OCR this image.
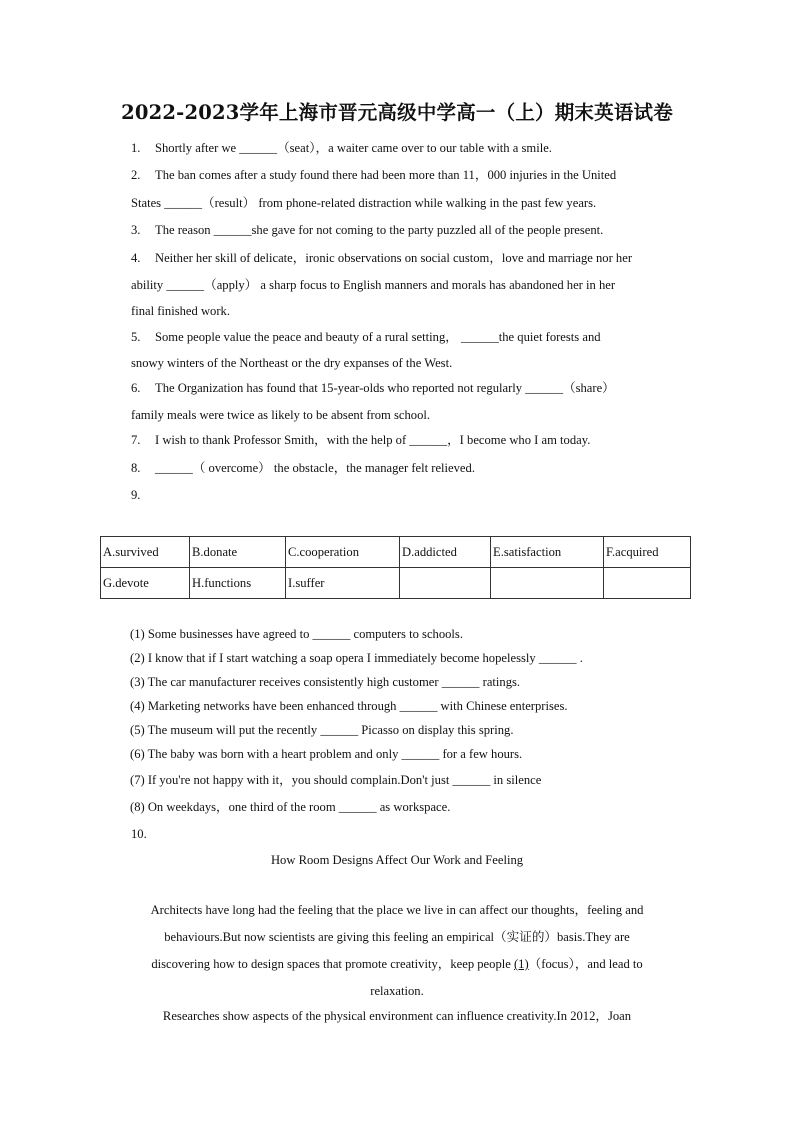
2022-2023学年上海市晋元高级中学高一（上）期末英语试卷
1. Shortly after we ______（seat），a waiter came over to our table with a smile.
2. The ban comes after a study found there had been more than 11，000 injuries in the United
States ______（result） from phone-related distraction while walking in the past few years.
3. The reason ______she gave for not coming to the party puzzled all of the people present.
4. Neither her skill of delicate，ironic observations on social custom，love and marriage nor her
ability ______（apply） a sharp focus to English manners and morals has abandoned her in her
final finished work.
5. Some people value the peace and beauty of a rural setting， ______the quiet forests and
snowy winters of the Northeast or the dry expanses of the West.
6. The Organization has found that 15-year-olds who reported not regularly ______（share）
family meals were twice as likely to be absent from school.
7. I wish to thank Professor Smith，with the help of ______，I become who I am today.
8. ______（ overcome） the obstacle，the manager felt relieved.
9.
A.survived	B.donate	C.cooperation	D.addicted	E.satisfaction	F.acquired
G.devote	H.functions	I.suffer			
(1) Some businesses have agreed to ______ computers to schools.
(2) I know that if I start watching a soap opera I immediately become hopelessly ______ .
(3) The car manufacturer receives consistently high customer ______ ratings.
(4) Marketing networks have been enhanced through ______ with Chinese enterprises.
(5) The museum will put the recently ______ Picasso on display this spring.
(6) The baby was born with a heart problem and only ______ for a few hours.
(7) If you're not happy with it，you should complain.Don't just ______ in silence
(8) On weekdays，one third of the room ______ as workspace.
10.
How Room Designs Affect Our Work and Feeling
Architects have long had the feeling that the place we live in can affect our thoughts，feeling and
behaviours.But now scientists are giving this feeling an empirical（实证的）basis.They are
discovering how to design spaces that promote creativity，keep people (1)（focus），and lead to
relaxation.
Researches show aspects of the physical environment can influence creativity.In 2012，Joan
